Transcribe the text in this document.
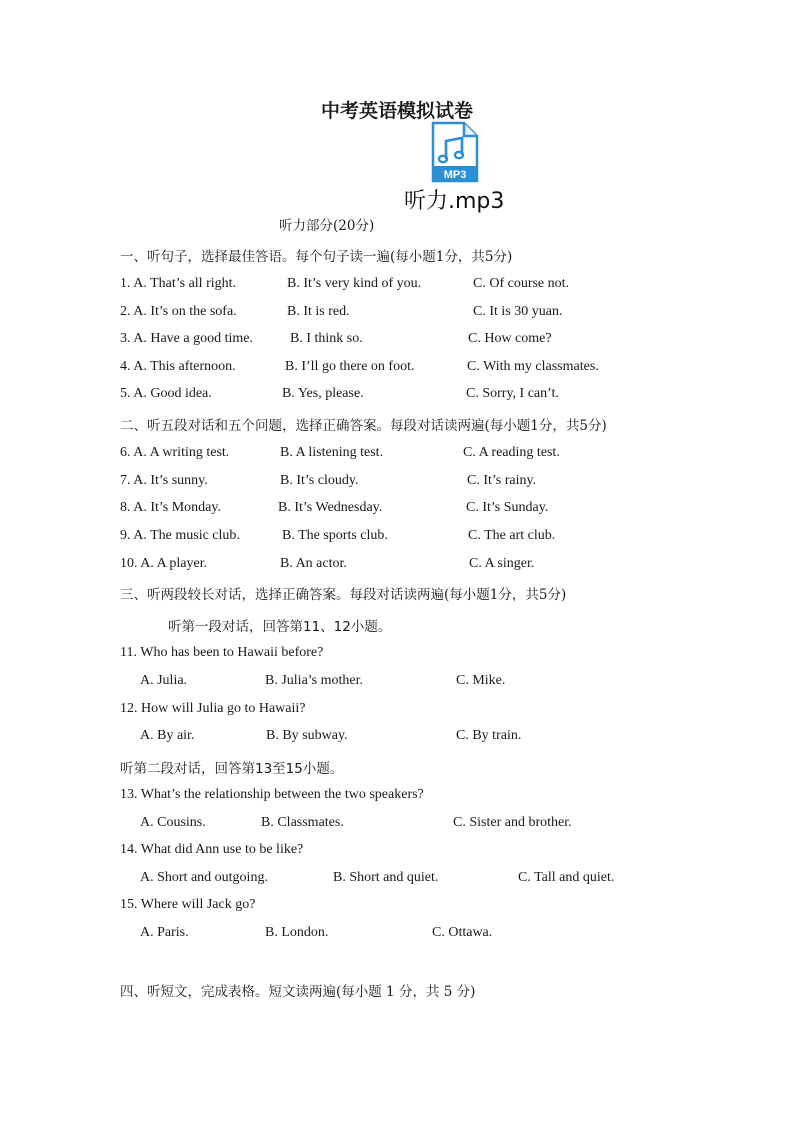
中考英语模拟试卷
MP3
听力.mp3
听力部分(20分)
一、听句子，选择最佳答语。每个句子读一遍(每小题1分，共5分)
1. A. That’s all right.	B. It’s very kind of you.	C. Of course not.
2. A. It’s on the sofa.	B. It is red.	C. It is 30 yuan.
3. A. Have a good time.	B. I think so.	C. How come?
4. A. This afternoon.	B. I’ll go there on foot.	C. With my classmates.
5. A. Good idea.	B. Yes, please.	C. Sorry, I can’t.
二、听五段对话和五个问题，选择正确答案。每段对话读两遍(每小题1分，共5分)
6. A. A writing test.	B. A listening test.	C. A reading test.
7. A. It’s sunny.	B. It’s cloudy.	C. It’s rainy.
8. A. It’s Monday.	B. It’s Wednesday.	C. It’s Sunday.
9. A. The music club.	B. The sports club.	C. The art club.
10. A. A player.	B. An actor.	C. A singer.
三、听两段较长对话，选择正确答案。每段对话读两遍(每小题1分，共5分)
听第一段对话，回答第11、12小题。
11. Who has been to Hawaii before?
A. Julia.	B. Julia’s mother.	C. Mike.
12. How will Julia go to Hawaii?
A. By air.	B. By subway.	C. By train.
听第二段对话，回答第13至15小题。
13. What’s the relationship between the two speakers?
A. Cousins.	B. Classmates.	C. Sister and brother.
14. What did Ann use to be like?
A. Short and outgoing.	B. Short and quiet.	C. Tall and quiet.
15. Where will Jack go?
A. Paris.	B. London.	C. Ottawa.
四、听短文，完成表格。短文读两遍(每小题 1 分，共 5 分)
